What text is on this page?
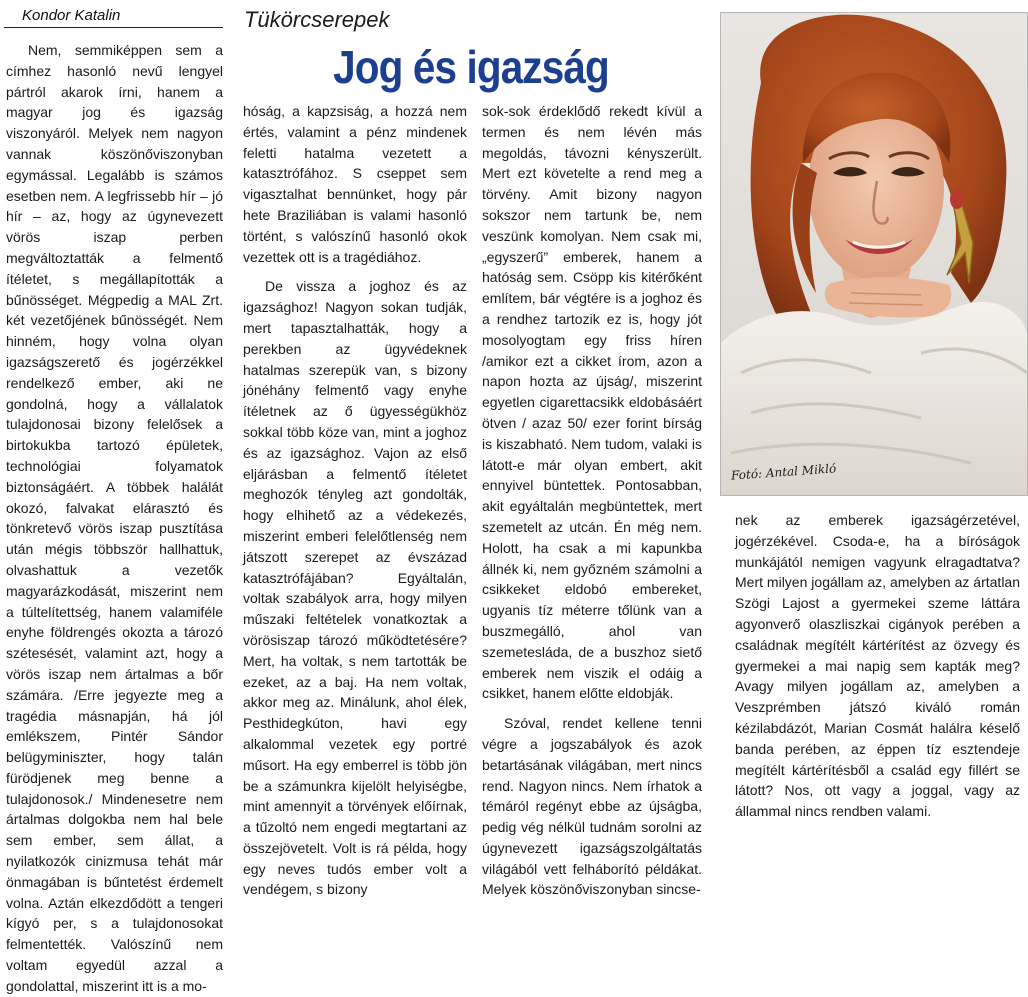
Kondor Katalin	Tükörcserepek
Jog és igazság

Nem, semmiképpen sem a címhez hasonló nevű lengyel pártról akarok írni, hanem a magyar jog és igazság viszonyáról. Melyek nem nagyon vannak köszönőviszonyban egymással. Legalább is számos esetben nem. A legfrissebb hír – jó hír – az, hogy az úgynevezett vörös iszap perben megváltoztatták a felmentő ítéletet, s megállapították a bűnösséget. Mégpedig a MAL Zrt. két vezetőjének bűnösségét. Nem hinném, hogy volna olyan igazságszerető és jogérzékkel rendelkező ember, aki ne gondolná, hogy a vállalatok tulajdonosai bizony felelősek a birtokukba tartozó épületek, technológiai folyamatok biztonságáért. A többek halálát okozó, falvakat elárasztó és tönkretevő vörös iszap pusztítása után mégis többször hallhattuk, olvashattuk a vezetők magyarázkodását, miszerint nem a túltelítettség, hanem valamiféle enyhe földrengés okozta a tározó szétesését, valamint azt, hogy a vörös iszap nem ártalmas a bőr számára. /Erre jegyezte meg a tragédia másnapján, há jól emlékszem, Pintér Sándor belügyminiszter, hogy talán fürödjenek meg benne a tulajdonosok./ Mindenesetre nem ártalmas dolgokba nem hal bele sem ember, sem állat, a nyilatkozók cinizmusa tehát már önmagában is bűntetést érdemelt volna. Aztán elkezdődött a tengeri kígyó per, s a tulajdonosokat felmentették. Valószínű nem voltam egyedül azzal a gondolattal, miszerint itt is a mo-

hóság, a kapzsiság, a hozzá nem értés, valamint a pénz mindenek feletti hatalma vezetett a katasztrófához. S cseppet sem vigasztalhat bennünket, hogy pár hete Braziliában is valami hasonló történt, s valószínű hasonló okok vezettek ott is a tragédiához.

De vissza a joghoz és az igazsághoz! Nagyon sokan tudják, mert tapasztalhatták, hogy a perekben az ügyvédeknek hatalmas szerepük van, s bizony jónéhány felmentő vagy enyhe ítéletnek az ő ügyességükhöz sokkal több köze van, mint a joghoz és az igazsághoz. Vajon az első eljárásban a felmentő ítéletet meghozók tényleg azt gondolták, hogy elhihető az a védekezés, miszerint emberi felelőtlenség nem játszott szerepet az évszázad katasztrófájában? Egyáltalán, voltak szabályok arra, hogy milyen műszaki feltételek vonatkoztak a vörösiszap tározó működtetésére? Mert, ha voltak, s nem tartották be ezeket, az a baj. Ha nem voltak, akkor meg az. Minálunk, ahol élek, Pesthidegkúton, havi egy alkalommal vezetek egy portré műsort. Ha egy emberrel is több jön be a számunkra kijelölt helyiségbe, mint amennyit a törvények előírnak, a tűzoltó nem engedi megtartani az összejövetelt. Volt is rá példa, hogy egy neves tudós ember volt a vendégem, s bizony

sok-sok érdeklődő rekedt kívül a termen és nem lévén más megoldás, távozni kényszerült. Mert ezt követelte a rend meg a törvény. Amit bizony nagyon sokszor nem tartunk be, nem veszünk komolyan. Nem csak mi, „egyszerű” emberek, hanem a hatóság sem. Csöpp kis kitérőként említem, bár végtére is a joghoz és a rendhez tartozik ez is, hogy jót mosolyogtam egy friss híren /amikor ezt a cikket írom, azon a napon hozta az újság/, miszerint egyetlen cigarettacsikk eldobásáért ötven / azaz 50/ ezer forint bírság is kiszabható. Nem tudom, valaki is látott-e már olyan embert, akit ennyivel büntettek. Pontosabban, akit egyáltalán megbüntettek, mert szemetelt az utcán. Én még nem. Holott, ha csak a mi kapunkba állnék ki, nem győzném számolni a csikkeket eldobó embereket, ugyanis tíz méterre tőlünk van a buszmegálló, ahol van szemetesláda, de a buszhoz siető emberek nem viszik el odáig a csikket, hanem előtte eldobják.

Szóval, rendet kellene tenni végre a jogszabályok és azok betartásának világában, mert nincs rend. Nagyon nincs. Nem írhatok a témáról regényt ebbe az újságba, pedig vég nélkül tudnám sorolni az úgynevezett igazságszolgáltatás világából vett felháborító példákat. Melyek köszönőviszonyban sincse-

nek az emberek igazságérzetével, jogérzékével. Csoda-e, ha a bíróságok munkájától nemigen vagyunk elragadtatva? Mert milyen jogállam az, amelyben az ártatlan Szögi Lajost a gyermekei szeme láttára agyonverő olaszliszkai cigányok perében a családnak megítélt kártérítést az özvegy és gyermekei a mai napig sem kapták meg? Avagy milyen jogállam az, amelyben a Veszprémben játszó kiváló román kézilabdázót, Marian Cosmát halálra késelő banda perében, az éppen tíz esztendeje megítélt kártérítésből a család egy fillért se látott? Nos, ott vagy a joggal, vagy az állammal nincs rendben valami.

Fotó: Antal Mikló
